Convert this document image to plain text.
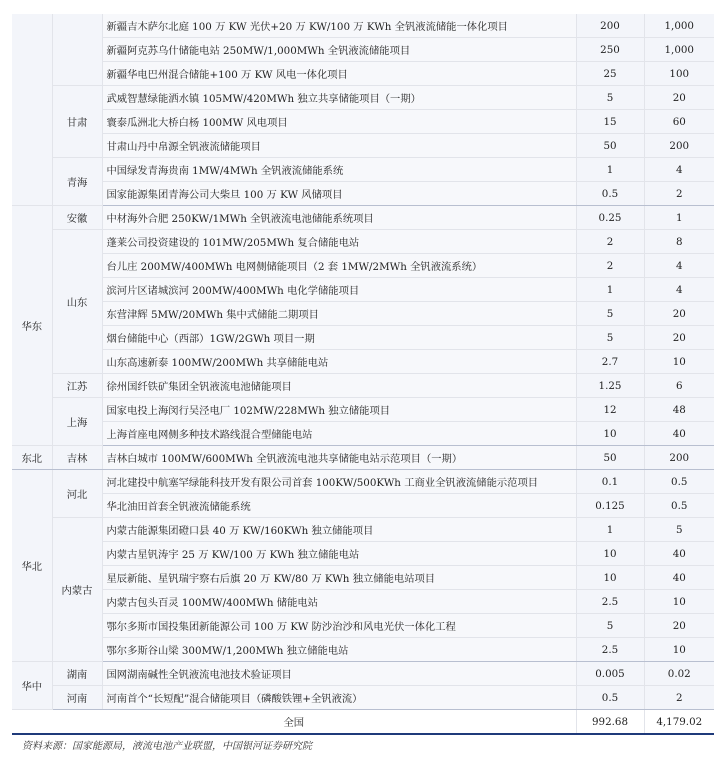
		新疆吉木萨尔北庭 100 万 KW 光伏+20 万 KW/100 万 KWh 全钒液流储能一体化项目	200	1,000
		新疆阿克苏乌什储能电站 250MW/1,000MWh 全钒液流储能项目	250	1,000
		新疆华电巴州混合储能+100 万 KW 风电一体化项目	25	100
	甘肃	武威智慧绿能洒水镇 105MW/420MWh 独立共享储能项目（一期）	5	20
		寰泰瓜洲北大桥白杨 100MW 风电项目	15	60
		甘肃山丹中帛源全钒液流储能项目	50	200
	青海	中国绿发青海贵南 1MW/4MWh 全钒液流储能系统	1	4
		国家能源集团青海公司大柴旦 100 万 KW 风储项目	0.5	2
华东	安徽	中材海外合肥 250KW/1MWh 全钒液流电池储能系统项目	0.25	1
	山东	蓬莱公司投资建设的 101MW/205MWh 复合储能电站	2	8
		台儿庄 200MW/400MWh 电网侧储能项目（2 套 1MW/2MWh 全钒液流系统）	2	4
		滨河片区诸城滨河 200MW/400MWh 电化学储能项目	1	4
		东营津辉 5MW/20MWh 集中式储能二期项目	5	20
		烟台储能中心（西部）1GW/2GWh 项目一期	5	20
		山东高速新泰 100MW/200MWh 共享储能电站	2.7	10
	江苏	徐州国纤铁矿集团全钒液流电池储能项目	1.25	6
	上海	国家电投上海闵行吴泾电厂 102MW/228MWh 独立储能项目	12	48
		上海首座电网侧多种技术路线混合型储能电站	10	40
东北	吉林	吉林白城市 100MW/600MWh 全钒液流电池共享储能电站示范项目（一期）	50	200
华北	河北	河北建投中航塞罕绿能科技开发有限公司首套 100KW/500KWh 工商业全钒液流储能示范项目	0.1	0.5
		华北油田首套全钒液流储能系统	0.125	0.5
	内蒙古	内蒙古能源集团磴口县 40 万 KW/160KWh 独立储能项目	1	5
		内蒙古星钒涛宇 25 万 KW/100 万 KWh 独立储能电站	10	40
		星辰新能、星钒瑞宇察右后旗 20 万 KW/80 万 KWh 独立储能电站项目	10	40
		内蒙古包头百灵 100MW/400MWh 储能电站	2.5	10
		鄂尔多斯市国投集团新能源公司 100 万 KW 防沙治沙和风电光伏一体化工程	5	20
		鄂尔多斯谷山梁 300MW/1,200MWh 独立储能电站	2.5	10
华中	湖南	国网湖南碱性全钒液流电池技术验证项目	0.005	0.02
	河南	河南首个“长短配”混合储能项目（磷酸铁锂+全钒液流）	0.5	2
全国			992.68	4,179.02
资料来源：国家能源局，液流电池产业联盟，中国银河证券研究院
